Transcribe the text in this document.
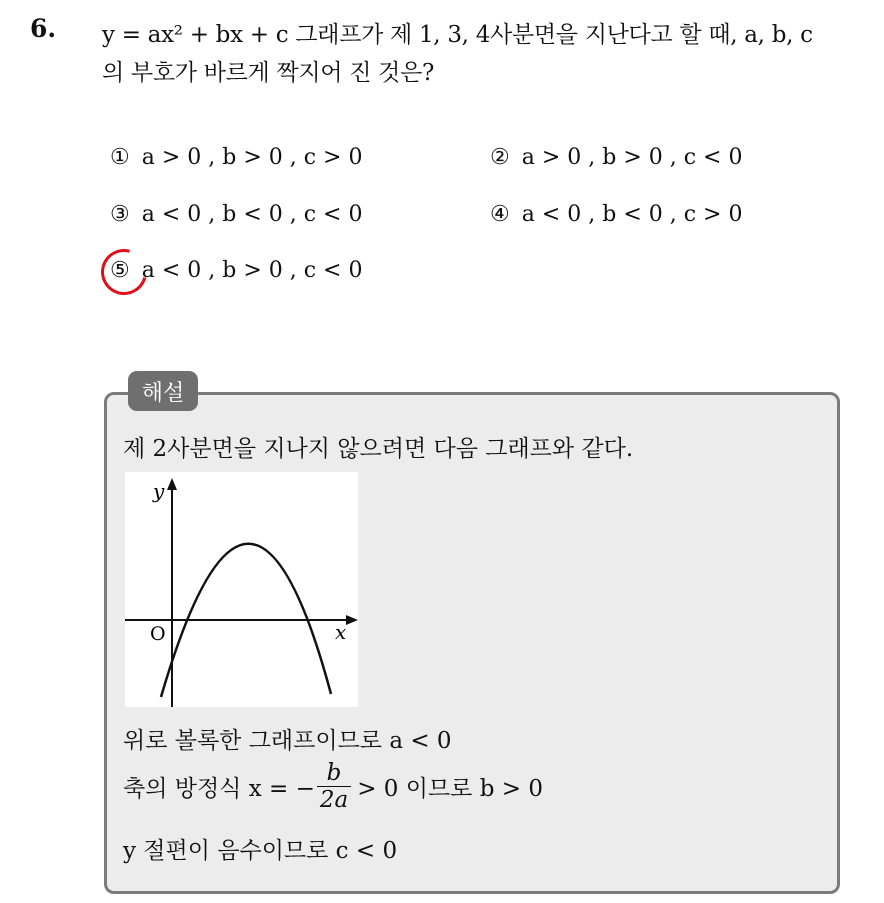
6. y = ax² + bx + c 그래프가 제 1, 3, 4사분면을 지난다고 할 때, a, b, c
의 부호가 바르게 짝지어 진 것은?
① a > 0 , b > 0 , c > 0	② a > 0 , b > 0 , c < 0
③ a < 0 , b < 0 , c < 0	④ a < 0 , b < 0 , c > 0
⑤ a < 0 , b > 0 , c < 0
해설
제 2사분면을 지나지 않으려면 다음 그래프와 같다.
y
x
O
위로 볼록한 그래프이므로 a < 0
축의 방정식 x = − $\frac{b}{2a} > 0$ 이므로 b > 0
y 절편이 음수이므로 c < 0
